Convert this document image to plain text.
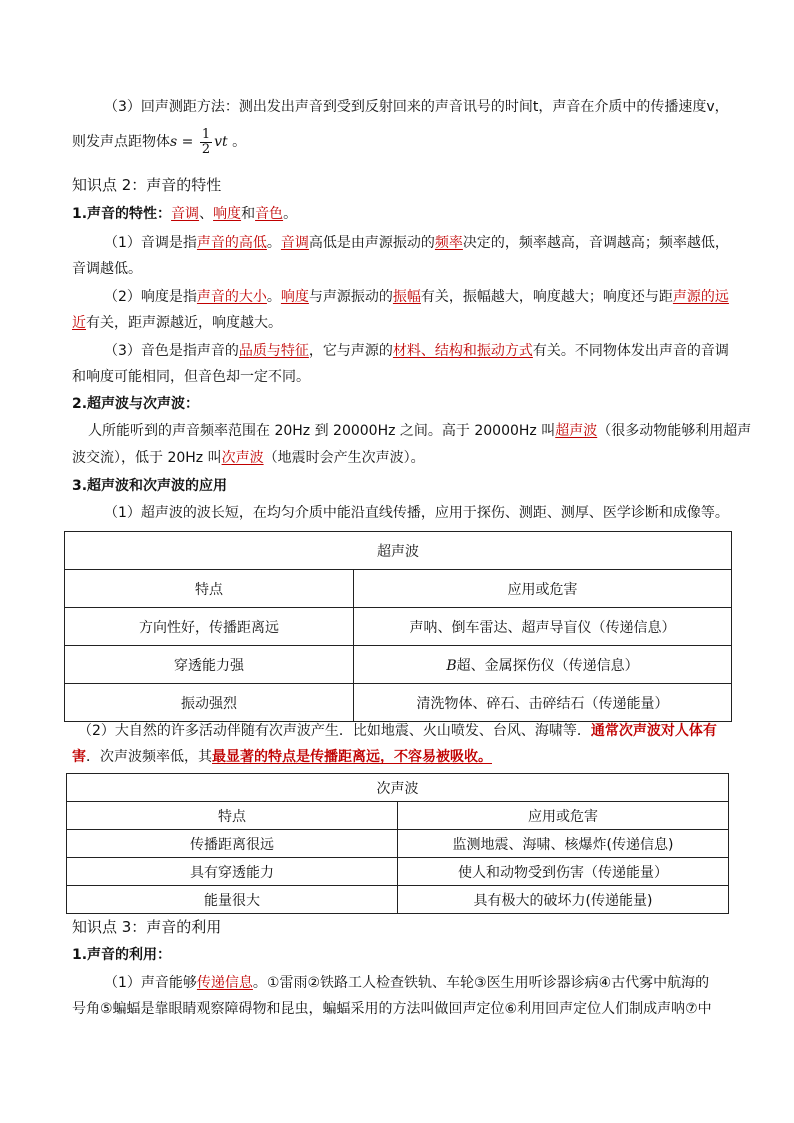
（3）回声测距方法：测出发出声音到受到反射回来的声音讯号的时间t，声音在介质中的传播速度v，
则发声点距物体$s = \frac{1}{2}$ vt 。
知识点 2：声音的特性
1.声音的特性：音调、响度和音色。
（1）音调是指声音的高低。音调高低是由声源振动的频率决定的，频率越高，音调越高；频率越低，
音调越低。
（2）响度是指声音的大小。响度与声源振动的振幅有关，振幅越大，响度越大；响度还与距声源的远
近有关，距声源越近，响度越大。
（3）音色是指声音的品质与特征，它与声源的材料、结构和振动方式有关。不同物体发出声音的音调
和响度可能相同，但音色却一定不同。
2.超声波与次声波：
人所能听到的声音频率范围在 20Hz 到 20000Hz 之间。高于 20000Hz 叫超声波（很多动物能够利用超声
波交流），低于 20Hz 叫次声波（地震时会产生次声波）。
3.超声波和次声波的应用
（1）超声波的波长短，在均匀介质中能沿直线传播，应用于探伤、测距、测厚、医学诊断和成像等。
超声波	
特点	应用或危害
方向性好，传播距离远	声呐、倒车雷达、超声导盲仪（传递信息）
穿透能力强	B超、金属探伤仪（传递信息）
振动强烈	清洗物体、碎石、击碎结石（传递能量）
（2）大自然的许多活动伴随有次声波产生．比如地震、火山喷发、台风、海啸等．通常次声波对人体有
害．次声波频率低，其最显著的特点是传播距离远，不容易被吸收。
次声波	
特点	应用或危害
传播距离很远	监测地震、海啸、核爆炸(传递信息)
具有穿透能力	使人和动物受到伤害（传递能量）
能量很大	具有极大的破坏力(传递能量)
知识点 3：声音的利用
1.声音的利用：
（1）声音能够传递信息。①雷雨②铁路工人检查铁轨、车轮③医生用听诊器诊病④古代雾中航海的
号角⑤蝙蝠是靠眼睛观察障碍物和昆虫，蝙蝠采用的方法叫做回声定位⑥利用回声定位人们制成声呐⑦中
